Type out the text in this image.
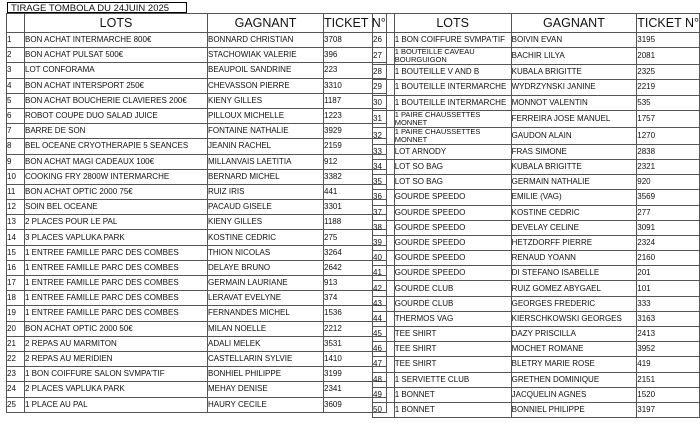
TIRAGE TOMBOLA DU 24JUIN 2025
	LOTS	GAGNANT	TICKET N°
1	BON ACHAT INTERMARCHE 800€	BONNARD CHRISTIAN	3708
2	BON ACHAT PULSAT 500€	STACHOWIAK VALERIE	396
3	LOT CONFORAMA	BEAUPOIL SANDRINE	223
4	BON ACHAT INTERSPORT 250€	CHEVASSON PIERRE	3310
5	BON ACHAT BOUCHERIE CLAVIERES 200€	KIENY GILLES	1187
6	ROBOT COUPE DUO SALAD JUICE	PILLOUX MICHELLE	1223
7	BARRE DE SON	FONTAINE NATHALIE	3929
8	BEL OCEANE CRYOTHERAPIE 5 SEANCES	JEANIN RACHEL	2159
9	BON ACHAT MAGI CADEAUX 100€	MILLANVAIS LAETITIA	912
10	COOKING FRY 2800W INTERMARCHE	BERNARD MICHEL	3382
11	BON ACHAT OPTIC 2000 75€	RUIZ IRIS	441
12	SOIN BEL OCEANE	PACAUD GISELE	3301
13	2 PLACES POUR LE PAL	KIENY GILLES	1188
14	3 PLACES VAPLUKA PARK	KOSTINE CEDRIC	275
15	1 ENTREE FAMILLE PARC DES COMBES	THION NICOLAS	3264
16	1 ENTREE FAMILLE PARC DES COMBES	DELAYE BRUNO	2642
17	1 ENTREE FAMILLE PARC DES COMBES	GERMAIN LAURIANE	913
18	1 ENTREE FAMILLE PARC DES COMBES	LERAVAT EVELYNE	374
19	1 ENTREE FAMILLE PARC DES COMBES	FERNANDES MICHEL	1536
20	BON ACHAT OPTIC 2000 50€	MILAN NOELLE	2212
21	2 REPAS AU MARMITON	ADALI MELEK	3531
22	2 REPAS AU MERIDIEN	CASTELLARIN SYLVIE	1410
23	1 BON COIFFURE SALON SVMPA'TIF	BONHIEL PHILIPPE	3199
24	2 PLACES VAPLUKA PARK	MEHAY DENISE	2341
25	1 PLACE AU PAL	HAURY CECILE	3609
	LOTS	GAGNANT	TICKET N°
26	1 BON COIFFURE SVMPA'TIF	BOIVIN EVAN	3195
27	1 BOUTEILLE CAVEAU BOURGUIGON	BACHIR LILYA	2081
28	1 BOUTEILLE V AND B	KUBALA BRIGITTE	2325
29	1 BOUTEILLE INTERMARCHE	WYDRZYNSKI JANINE	2219
30	1 BOUTEILLE INTERMARCHE	MONNOT VALENTIN	535
31	1 PAIRE CHAUSSETTES MONNET	FERREIRA JOSE MANUEL	1757
32	1 PAIRE CHAUSSETTES MONNET	GAUDON ALAIN	1270
33	LOT ARNODY	FRAS SIMONE	2838
34	LOT SO BAG	KUBALA BRIGITTE	2321
35	LOT SO BAG	GERMAIN NATHALIE	920
36	GOURDE SPEEDO	EMILIE (VAG)	3569
37	GOURDE SPEEDO	KOSTINE CEDRIC	277
38	GOURDE SPEEDO	DEVELAY CELINE	3091
39	GOURDE SPEEDO	HETZDORFF PIERRE	2324
40	GOURDE SPEEDO	RENAUD YOANN	2160
41	GOURDE SPEEDO	DI STEFANO ISABELLE	201
42	GOURDE CLUB	RUIZ GOMEZ ABYGAEL	101
43	GOURDE CLUB	GEORGES FREDERIC	333
44	THERMOS VAG	KIERSCHKOWSKI GEORGES	3163
45	TEE SHIRT	DAZY PRISCILLA	2413
46	TEE SHIRT	MOCHET ROMANE	3952
47	TEE SHIRT	BLETRY MARIE ROSE	419
48	1 SERVIETTE CLUB	GRETHEN DOMINIQUE	2151
49	1 BONNET	JACQUELIN AGNES	1520
50	1 BONNET	BONNIEL PHILIPPE	3197
